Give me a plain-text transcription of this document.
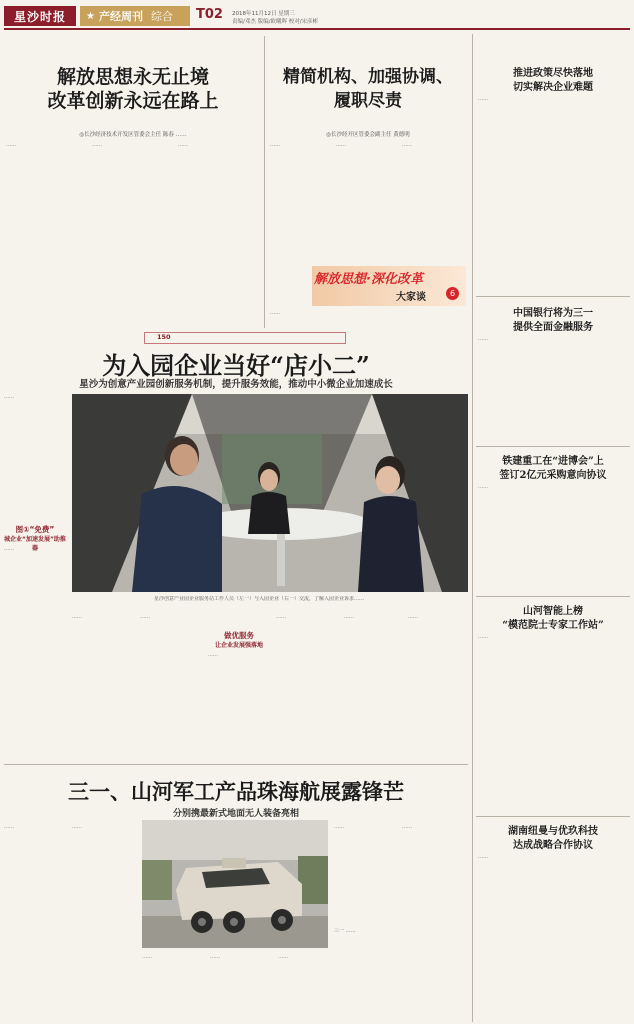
星沙时报 ★ 产经周刊 综合 T02 2018年11月12日 星期三
责编/邓杰 版编/欧曦晖 校对/宋彦彬
解放思想永无止境
改革创新永远在路上
◎长沙经济技术开发区管委会主任 陈春 ……
……	……	……
精简机构、加强协调、
履职尽责
◎长沙经开区管委会副主任 黄德明
……	……	……
解放思想·深化改革
大家谈	6
……
150
为入园企业当好“店小二”
星沙为创意产业园创新服务机制，提升服务效能，推动中小微企业加速成长
……
图①“免费”
城企业“加速发展”助推器
……
星沙创意产业园企业服务站工作人员（左一）与入园企业（右一）交流，了解入园企业诉求……
……	……
做优服务
让企业发展强落地
……
……	……	……
三一、山河军工产品珠海航展露锋芒
分别携最新式地面无人装备亮相
……	……
三一 ……
……	……
……	……	……
推进政策尽快落地
切实解决企业难题
……
中国银行将为三一
提供全面金融服务
……
铁建重工在“进博会”上
签订2亿元采购意向协议
……
山河智能上榜
“模范院士专家工作站”
……
湖南纽曼与优玖科技
达成战略合作协议
……
